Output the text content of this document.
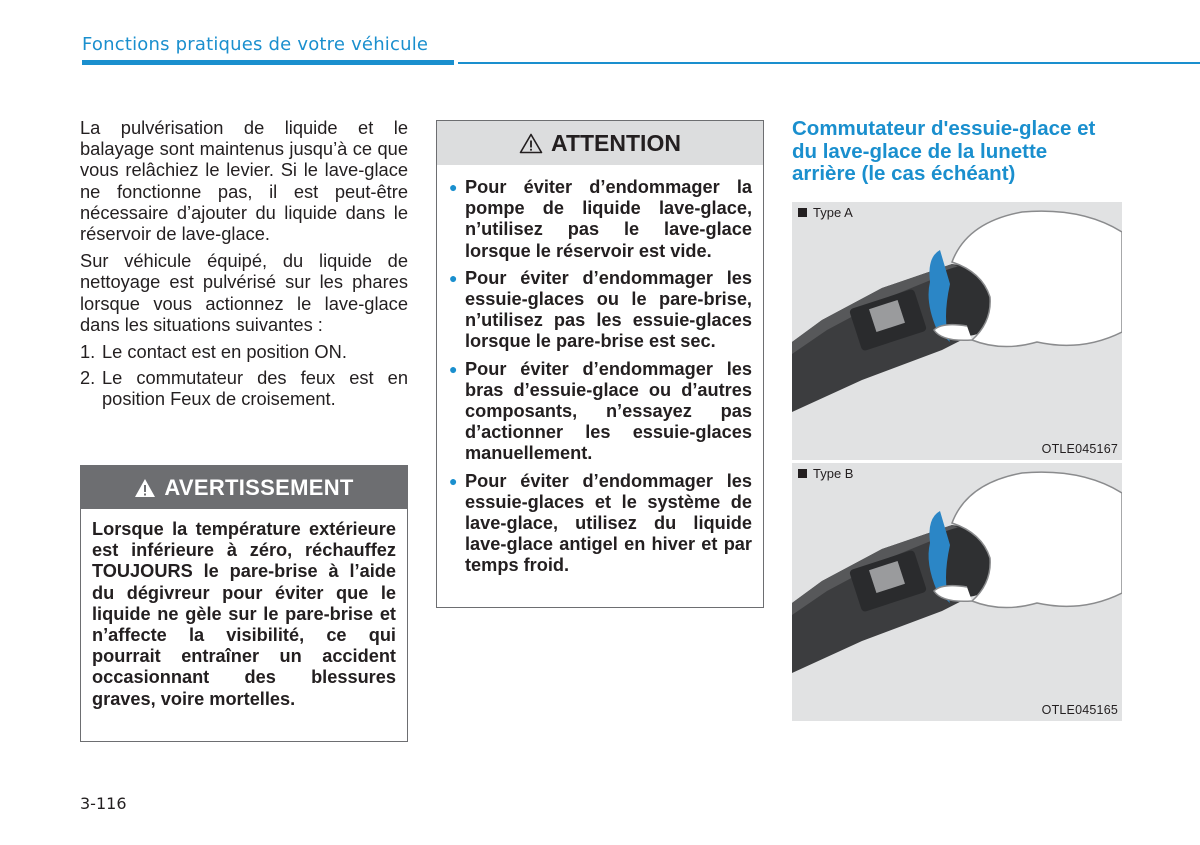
Fonctions pratiques de votre véhicule

La pulvérisation de liquide et le balayage sont maintenus jusqu’à ce que vous relâchiez le levier. Si le lave-glace ne fonctionne pas, il est peut-être nécessaire d’ajouter du liquide dans le réservoir de lave-glace.

Sur véhicule équipé, du liquide de nettoyage est pulvérisé sur les phares lorsque vous actionnez le lave-glace dans les situations suivantes :

1. Le contact est en position ON.
2. Le commutateur des feux est en position Feux de croisement.
AVERTISSEMENT
Lorsque la température extérieure est inférieure à zéro, réchauffez TOUJOURS le pare-brise à l’aide du dégivreur pour éviter que le liquide ne gèle sur le pare-brise et n’affecte la visibilité, ce qui pourrait entraîner un accident occasionnant des blessures graves, voire mortelles.
ATTENTION
● Pour éviter d’endommager la pompe de liquide lave-glace, n’utilisez pas le lave-glace lorsque le réservoir est vide.
● Pour éviter d’endommager les essuie-glaces ou le pare-brise, n’utilisez pas les essuie-glaces lorsque le pare-brise est sec.
● Pour éviter d’endommager les bras d’essuie-glace ou d’autres composants, n’essayez pas d’actionner les essuie-glaces manuellement.
● Pour éviter d’endommager les essuie-glaces et le système de lave-glace, utilisez du liquide lave-glace antigel en hiver et par temps froid.
Commutateur d'essuie-glace et du lave-glace de la lunette arrière (le cas échéant)
Type A
OTLE045167
Type B
OTLE045165
3-116
